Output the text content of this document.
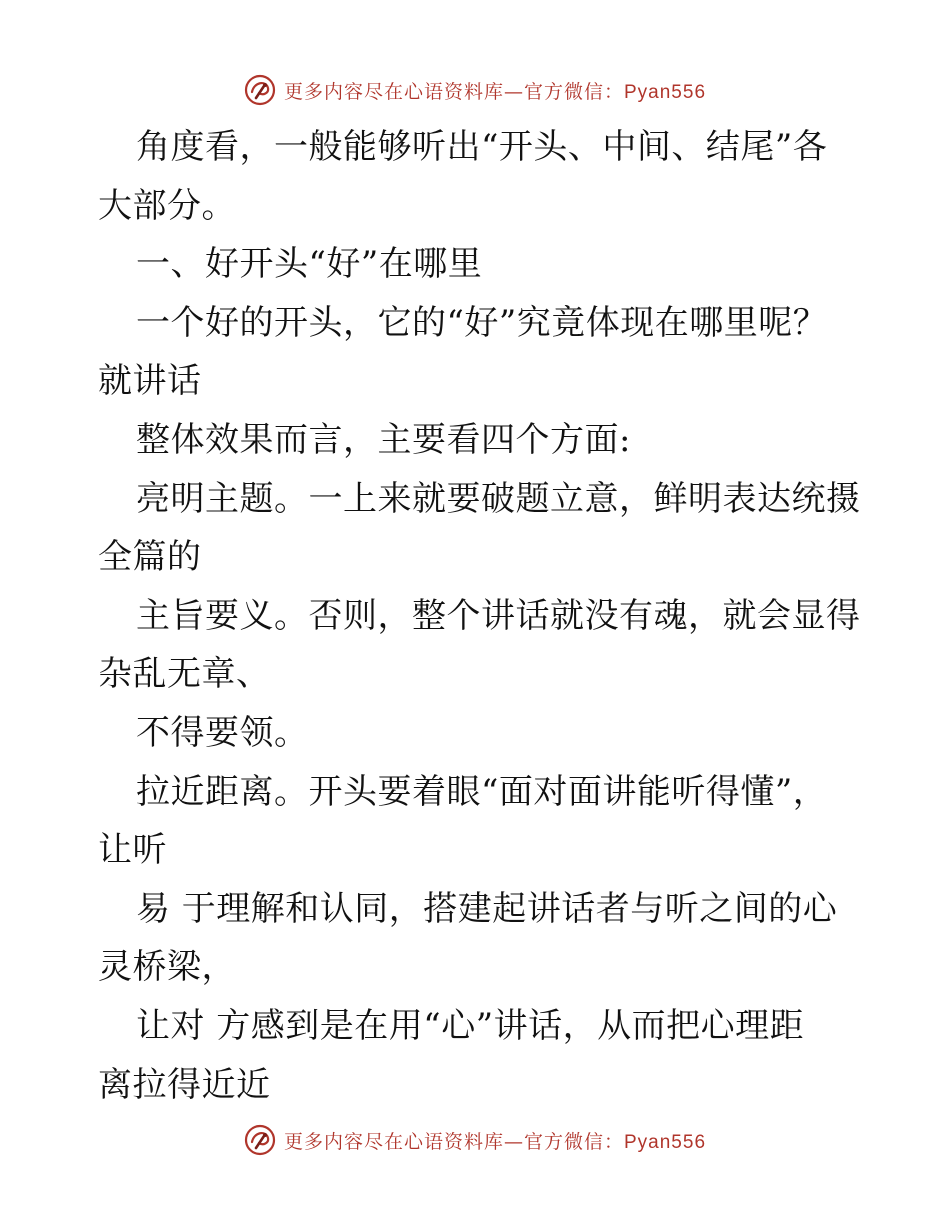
更多内容尽在心语资料库—官方微信：Pyan556
角度看，一般能够听出“开头、中间、结尾”各
大部分。
一、好开头“好”在哪里
一个好的开头，它的“好”究竟体现在哪里呢？
就讲话
整体效果而言，主要看四个方面:
亮明主题。一上来就要破题立意，鲜明表达统摄
全篇的
主旨要义。否则，整个讲话就没有魂，就会显得
杂乱无章、
不得要领。
拉近距离。开头要着眼“面对面讲能听得懂”，
让听
易 于理解和认同，搭建起讲话者与听之间的心
灵桥梁，
让对 方感到是在用“心”讲话，从而把心理距
离拉得近近
更多内容尽在心语资料库—官方微信：Pyan556
